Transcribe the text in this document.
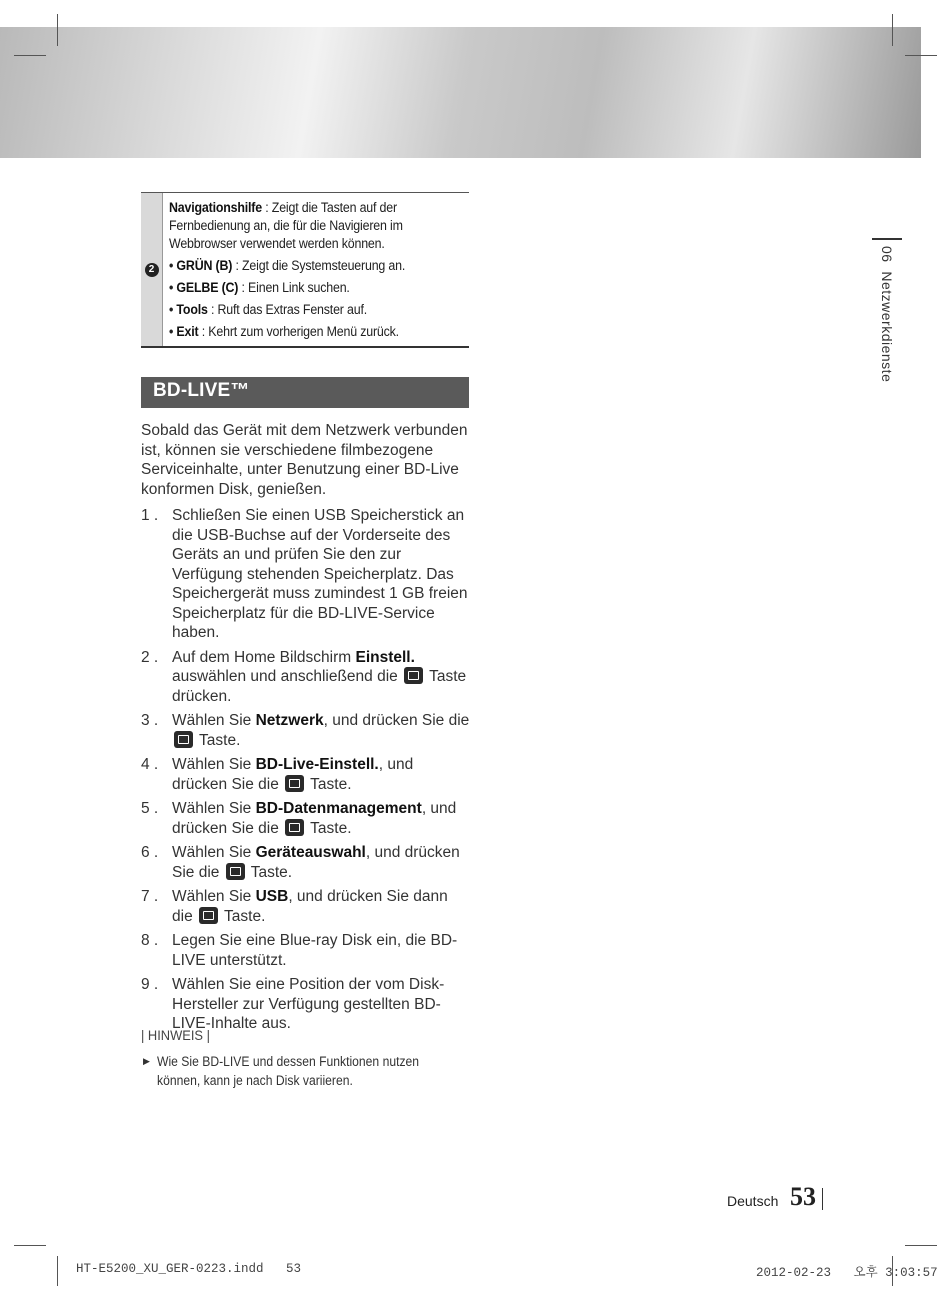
2
Navigationshilfe : Zeigt die Tasten auf der Fernbedienung an, die für die Navigieren im Webbrowser verwendet werden können.
• GRÜN (B) : Zeigt die Systemsteuerung an.
• GELBE (C) : Einen Link suchen.
• Tools : Ruft das Extras Fenster auf.
• Exit : Kehrt zum vorherigen Menü zurück.
BD-LIVE™

Sobald das Gerät mit dem Netzwerk verbunden ist, können sie verschiedene filmbezogene Serviceinhalte, unter Benutzung einer BD-Live konformen Disk, genießen.

1 . Schließen Sie einen USB Speicherstick an die USB-Buchse auf der Vorderseite des Geräts an und prüfen Sie den zur Verfügung stehenden Speicherplatz. Das Speichergerät muss zumindest 1 GB freien Speicherplatz für die BD-LIVE-Service haben.
2 . Auf dem Home Bildschirm Einstell. auswählen und anschließend die  Taste drücken.
3 . Wählen Sie Netzwerk, und drücken Sie die  Taste.
4 . Wählen Sie BD-Live-Einstell., und drücken Sie die  Taste.
5 . Wählen Sie BD-Datenmanagement, und drücken Sie die  Taste.
6 . Wählen Sie Geräteauswahl, und drücken Sie die  Taste.
7 . Wählen Sie USB, und drücken Sie dann die  Taste.
8 . Legen Sie eine Blue-ray Disk ein, die BD-LIVE unterstützt.
9 . Wählen Sie eine Position der vom Disk-Hersteller zur Verfügung gestellten BD-LIVE-Inhalte aus.
| HINWEIS |
▶ Wie Sie BD-LIVE und dessen Funktionen nutzen können, kann je nach Disk variieren.
06  Netzwerkdienste
Deutsch 53
HT-E5200_XU_GER-0223.indd   53	2012-02-23   오후 3:03:57
